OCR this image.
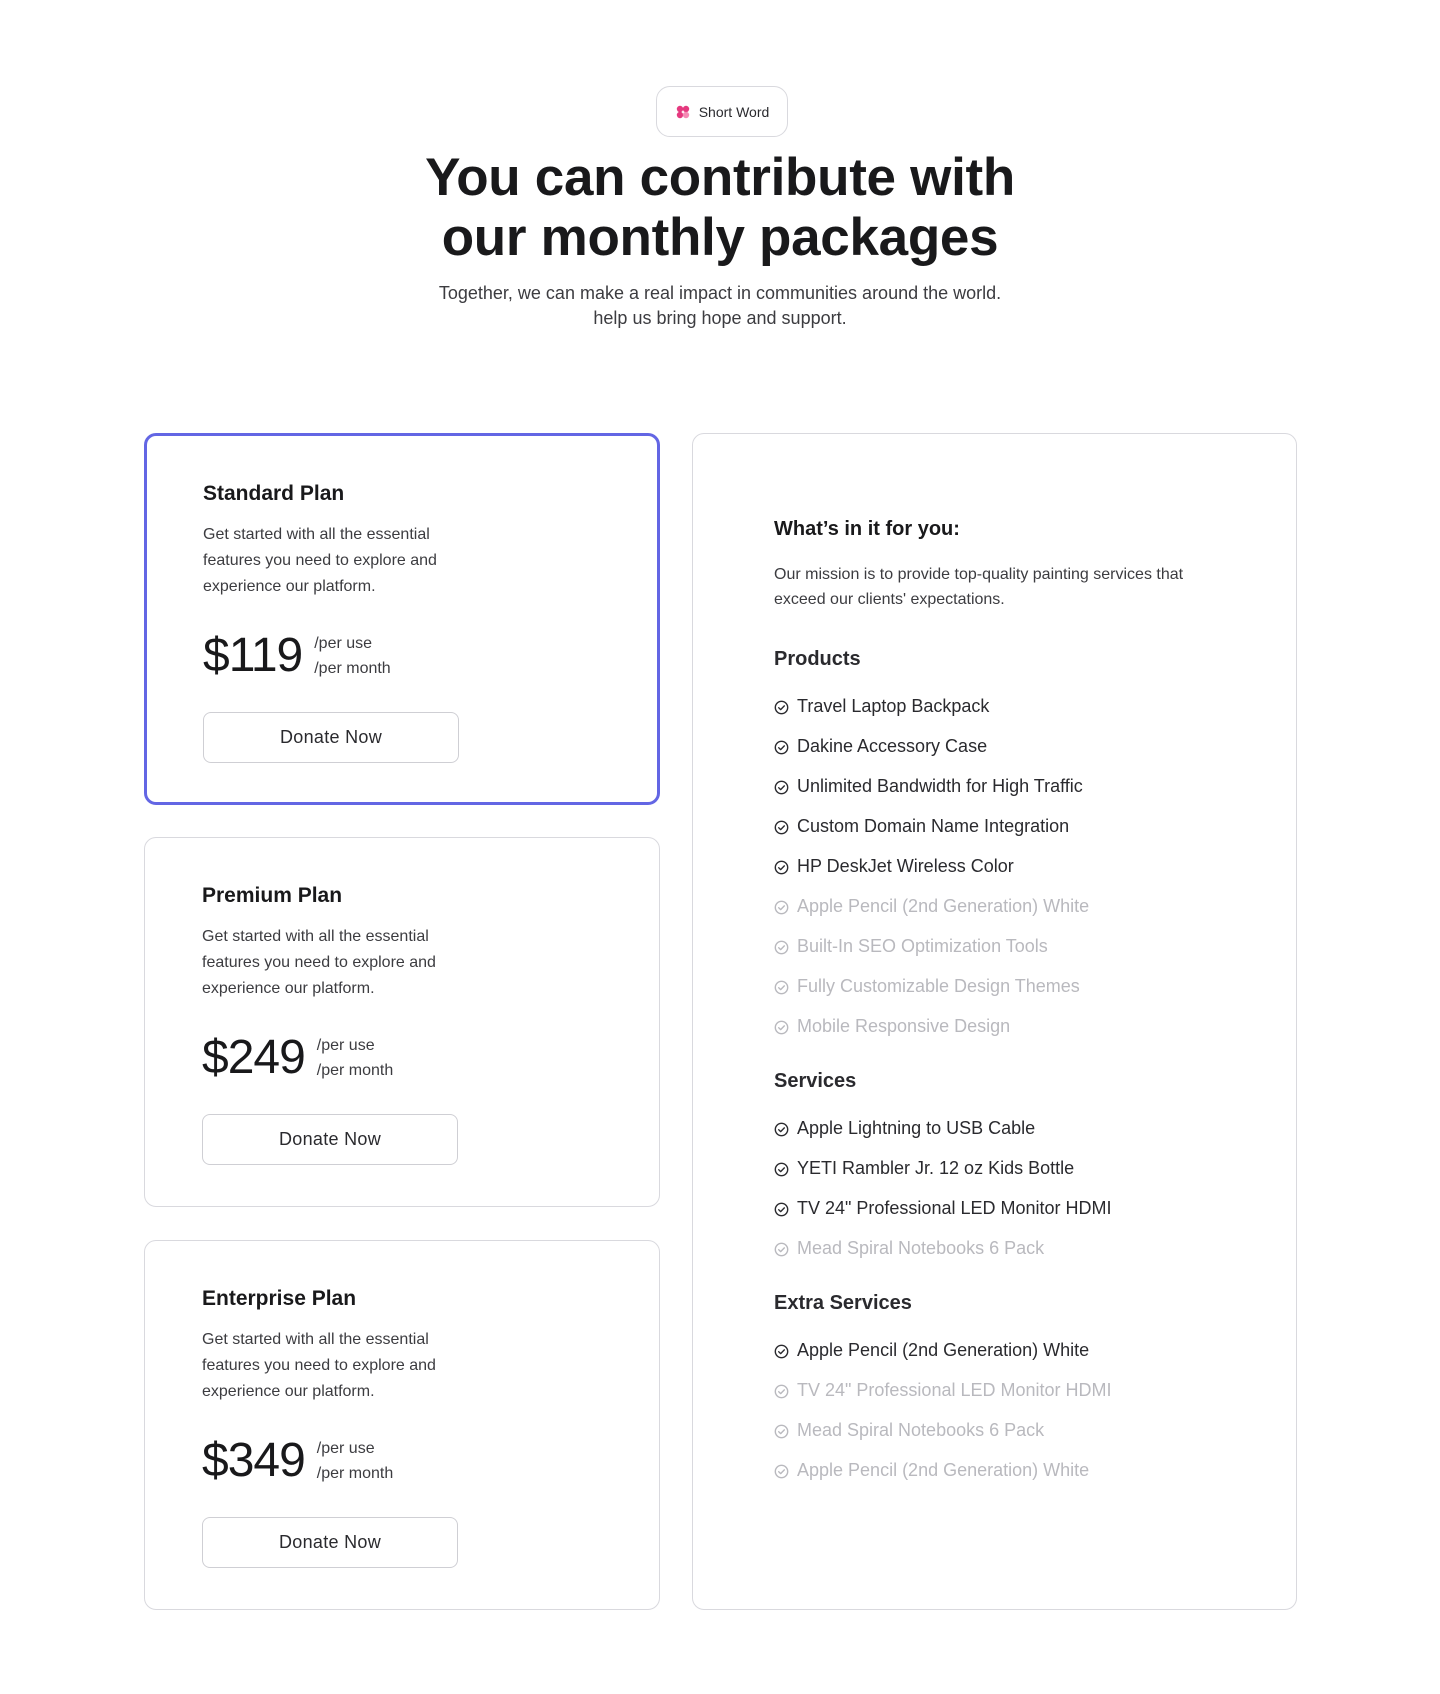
Short Word
You can contribute with
our monthly packages

Together, we can make a real impact in communities around the world. help us bring hope and support.

Standard Plan
Get started with all the essential features you need to explore and experience our platform.
$119 /per use
/per month
Donate Now
Premium Plan
Get started with all the essential features you need to explore and experience our platform.
$249 /per use
/per month
Donate Now
Enterprise Plan
Get started with all the essential features you need to explore and experience our platform.
$349 /per use
/per month
Donate Now
What’s in it for you:
Our mission is to provide top-quality painting services that exceed our clients' expectations.
Products
Travel Laptop Backpack
Dakine Accessory Case
Unlimited Bandwidth for High Traffic
Custom Domain Name Integration
HP DeskJet Wireless Color
Apple Pencil (2nd Generation) White
Built-In SEO Optimization Tools
Fully Customizable Design Themes
Mobile Responsive Design
Services
Apple Lightning to USB Cable
YETI Rambler Jr. 12 oz Kids Bottle
TV 24" Professional LED Monitor HDMI
Mead Spiral Notebooks 6 Pack
Extra Services
Apple Pencil (2nd Generation) White
TV 24" Professional LED Monitor HDMI
Mead Spiral Notebooks 6 Pack
Apple Pencil (2nd Generation) White
